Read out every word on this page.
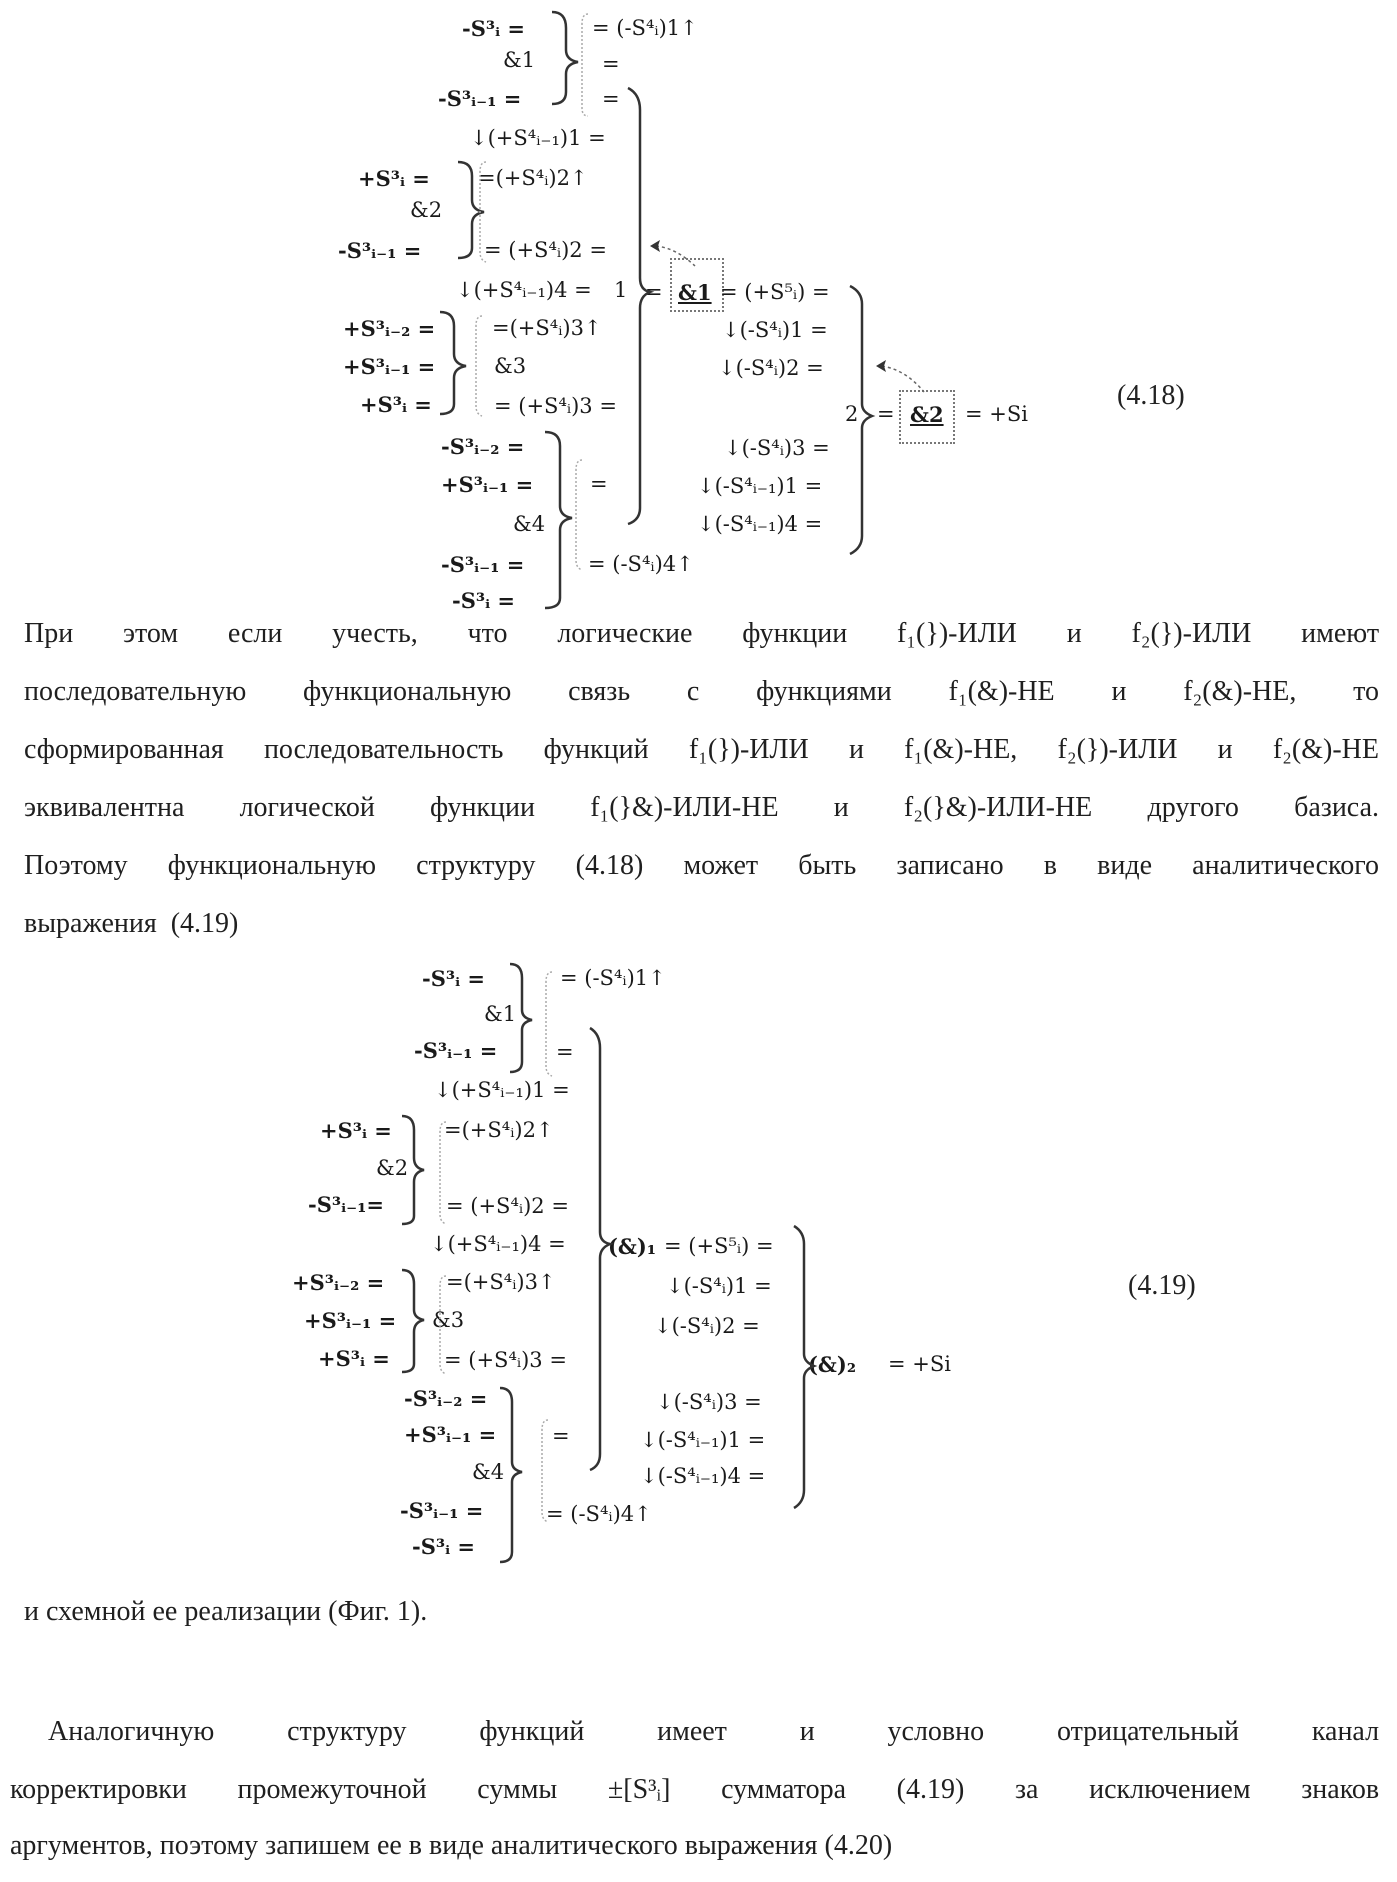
-S³ᵢ =
&1
-S³ᵢ₋₁ =
= (-S⁴ᵢ)1↑
=
=
↓(+S⁴ᵢ₋₁)1 =
+S³ᵢ =
&2
-S³ᵢ₋₁ =
=(+S⁴ᵢ)2↑
= (+S⁴ᵢ)2 =
↓(+S⁴ᵢ₋₁)4 = 1
+S³ᵢ₋₂ =
+S³ᵢ₋₁ =
+S³ᵢ =
=(+S⁴ᵢ)3↑
&3
= (+S⁴ᵢ)3 =
-S³ᵢ₋₂ =
+S³ᵢ₋₁ =
&4
-S³ᵢ₋₁ =
-S³ᵢ =
=
= (-S⁴ᵢ)4↑
= &1 = (+S⁵ᵢ) =
↓(-S⁴ᵢ)1 =
↓(-S⁴ᵢ)2 =
2
↓(-S⁴ᵢ)3 =
↓(-S⁴ᵢ₋₁)1 =
↓(-S⁴ᵢ₋₁)4 =
= &2 = +Si
(4.18)
При этом если учесть, что логические функции f₁(})-ИЛИ и f₂(})-ИЛИ имеют
последовательную функциональную связь с функциями f₁(&)-НЕ и f₂(&)-НЕ, то
сформированная последовательность функций f₁(})-ИЛИ и f₁(&)-НЕ, f₂(})-ИЛИ и f₂(&)-НЕ
эквивалентна логической функции f₁(}&)-ИЛИ-НЕ и f₂(}&)-ИЛИ-НЕ другого базиса.
Поэтому функциональную структуру (4.18) может быть записано в виде аналитического
выражения (4.19)
-S³ᵢ =
&1
-S³ᵢ₋₁ =
= (-S⁴ᵢ)1↑
=
↓(+S⁴ᵢ₋₁)1 =
+S³ᵢ =
&2
-S³ᵢ₋₁=
=(+S⁴ᵢ)2↑
= (+S⁴ᵢ)2 =
↓(+S⁴ᵢ₋₁)4 =
+S³ᵢ₋₂ =
+S³ᵢ₋₁ =
+S³ᵢ =
=(+S⁴ᵢ)3↑
&3
= (+S⁴ᵢ)3 =
-S³ᵢ₋₂ =
+S³ᵢ₋₁ =
&4
-S³ᵢ₋₁ =
-S³ᵢ =
=
= (-S⁴ᵢ)4↑
(&)₁ = (+S⁵ᵢ) =
↓(-S⁴ᵢ)1 =
↓(-S⁴ᵢ)2 =
↓(-S⁴ᵢ)3 =
↓(-S⁴ᵢ₋₁)1 =
↓(-S⁴ᵢ₋₁)4 =
(&)₂ = +Si
(4.19)
и схемной ее реализации (Фиг. 1).
Аналогичную	структуру	функций	имеет	и	условно	отрицательный	канал
корректировки промежуточной суммы ±[S³ᵢ] сумматора (4.19) за исключением знаков
аргументов, поэтому запишем ее в виде аналитического выражения (4.20)
